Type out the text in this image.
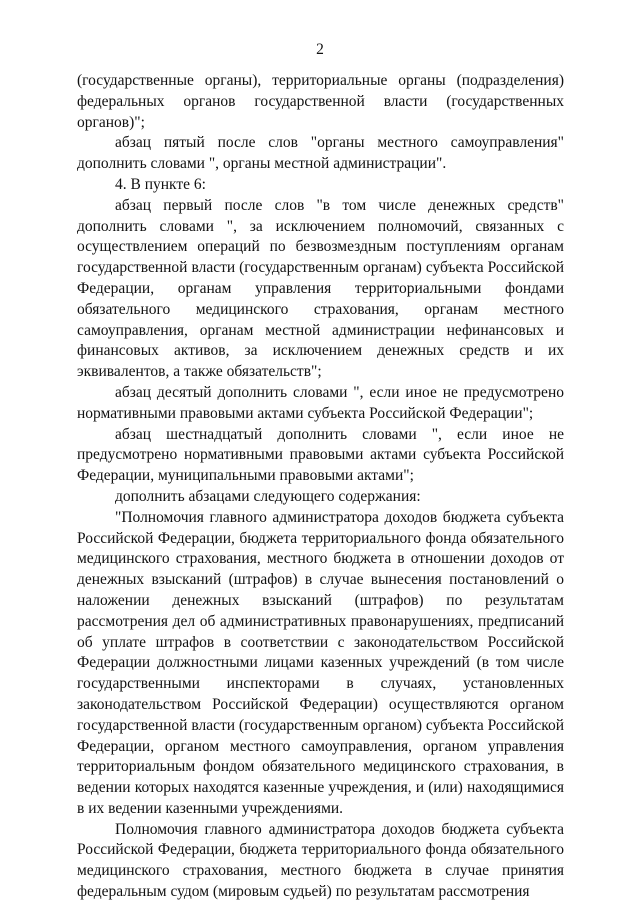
2

(государственные органы), территориальные органы (подразделения) федеральных органов государственной власти (государственных органов)";

абзац пятый после слов "органы местного самоуправления" дополнить словами ", органы местной администрации".

4. В пункте 6:

абзац первый после слов "в том числе денежных средств" дополнить словами ", за исключением полномочий, связанных с осуществлением операций по безвозмездным поступлениям органам государственной власти (государственным органам) субъекта Российской Федерации, органам управления территориальными фондами обязательного медицинского страхования, органам местного самоуправления, органам местной администрации нефинансовых и финансовых активов, за исключением денежных средств и их эквивалентов, а также обязательств";

абзац десятый дополнить словами ", если иное не предусмотрено нормативными правовыми актами субъекта Российской Федерации";

абзац шестнадцатый дополнить словами ", если иное не предусмотрено нормативными правовыми актами субъекта Российской Федерации, муниципальными правовыми актами";

дополнить абзацами следующего содержания:

"Полномочия главного администратора доходов бюджета субъекта Российской Федерации, бюджета территориального фонда обязательного медицинского страхования, местного бюджета в отношении доходов от денежных взысканий (штрафов) в случае вынесения постановлений о наложении денежных взысканий (штрафов) по результатам рассмотрения дел об административных правонарушениях, предписаний об уплате штрафов в соответствии с законодательством Российской Федерации должностными лицами казенных учреждений (в том числе государственными инспекторами в случаях, установленных законодательством Российской Федерации) осуществляются органом государственной власти (государственным органом) субъекта Российской Федерации, органом местного самоуправления, органом управления территориальным фондом обязательного медицинского страхования, в ведении которых находятся казенные учреждения, и (или) находящимися в их ведении казенными учреждениями.

Полномочия главного администратора доходов бюджета субъекта Российской Федерации, бюджета территориального фонда обязательного медицинского страхования, местного бюджета в случае принятия федеральным судом (мировым судьей) по результатам рассмотрения
